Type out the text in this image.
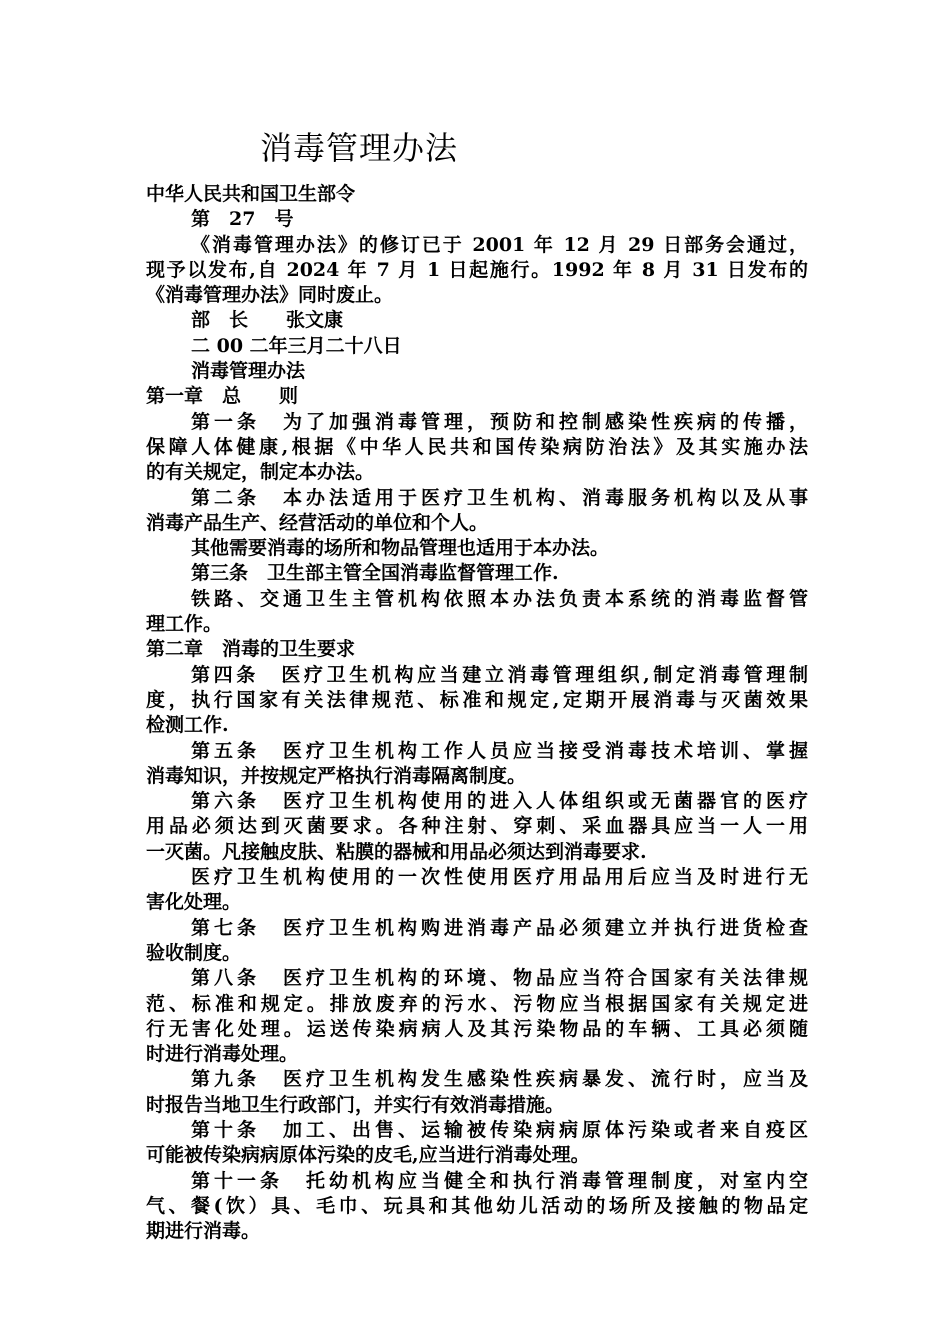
消毒管理办法

中华人民共和国卫生部令

第　27　号

《消毒管理办法》的修订已于 2001 年 12 月 29 日部务会通过，

现予以发布,自 2024 年 7 月 1 日起施行。1992 年 8 月 31 日发布的

《消毒管理办法》同时废止。

部　长　　张文康

二 00 二年三月二十八日

消毒管理办法

第一章　总　　则

第一条　为了加强消毒管理，预防和控制感染性疾病的传播，

保障人体健康,根据《中华人民共和国传染病防治法》及其实施办法

的有关规定，制定本办法。

第二条　本办法适用于医疗卫生机构、消毒服务机构以及从事

消毒产品生产、经营活动的单位和个人。

其他需要消毒的场所和物品管理也适用于本办法。

第三条　卫生部主管全国消毒监督管理工作.

铁路、交通卫生主管机构依照本办法负责本系统的消毒监督管

理工作。

第二章　消毒的卫生要求

第四条　医疗卫生机构应当建立消毒管理组织,制定消毒管理制

度，执行国家有关法律规范、标准和规定,定期开展消毒与灭菌效果

检测工作.

第五条　医疗卫生机构工作人员应当接受消毒技术培训、掌握

消毒知识，并按规定严格执行消毒隔离制度。

第六条　医疗卫生机构使用的进入人体组织或无菌器官的医疗

用品必须达到灭菌要求。各种注射、穿刺、采血器具应当一人一用

一灭菌。凡接触皮肤、粘膜的器械和用品必须达到消毒要求.

医疗卫生机构使用的一次性使用医疗用品用后应当及时进行无

害化处理。

第七条　医疗卫生机构购进消毒产品必须建立并执行进货检查

验收制度。

第八条　医疗卫生机构的环境、物品应当符合国家有关法律规

范、标准和规定。排放废弃的污水、污物应当根据国家有关规定进

行无害化处理。运送传染病病人及其污染物品的车辆、工具必须随

时进行消毒处理。

第九条　医疗卫生机构发生感染性疾病暴发、流行时，应当及

时报告当地卫生行政部门，并实行有效消毒措施。

第十条　加工、出售、运输被传染病病原体污染或者来自疫区

可能被传染病病原体污染的皮毛,应当进行消毒处理。

第十一条　托幼机构应当健全和执行消毒管理制度，对室内空

气、餐(饮）具、毛巾、玩具和其他幼儿活动的场所及接触的物品定

期进行消毒。
